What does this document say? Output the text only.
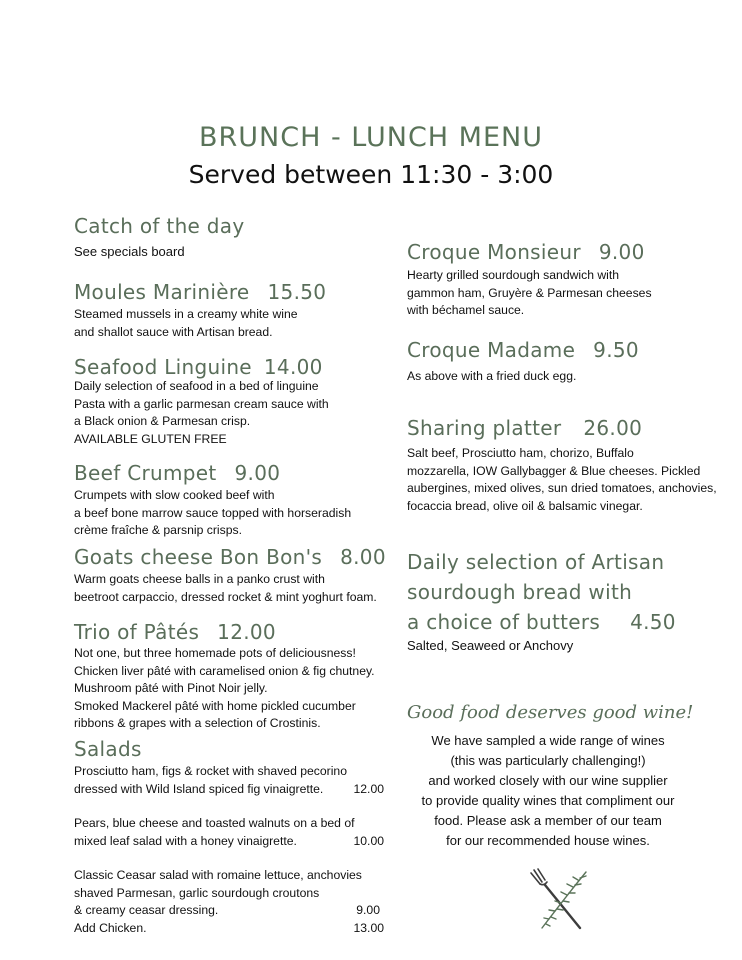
BRUNCH - LUNCH MENU
Served between 11:30 - 3:00
Catch of the day
See specials board
Moules Marinière 15.50
Steamed mussels in a creamy white wine
and shallot sauce with Artisan bread.
Seafood Linguine 14.00
Daily selection of seafood in a bed of linguine
Pasta with a garlic parmesan cream sauce with
a Black onion & Parmesan crisp.
AVAILABLE GLUTEN FREE
Beef Crumpet 9.00
Crumpets with slow cooked beef with
a beef bone marrow sauce topped with horseradish
crème fraîche & parsnip crisps.
Goats cheese Bon Bon's 8.00
Warm goats cheese balls in a panko crust with
beetroot carpaccio, dressed rocket & mint yoghurt foam.
Trio of Pâtés 12.00
Not one, but three homemade pots of deliciousness!
Chicken liver pâté with caramelised onion & fig chutney.
Mushroom pâté with Pinot Noir jelly.
Smoked Mackerel pâté with home pickled cucumber
ribbons & grapes with a selection of Crostinis.
Salads
Prosciutto ham, figs & rocket with shaved pecorino
dressed with Wild Island spiced fig vinaigrette. 12.00
Pears, blue cheese and toasted walnuts on a bed of
mixed leaf salad with a honey vinaigrette.	10.00
Classic Ceasar salad with romaine lettuce, anchovies
shaved Parmesan, garlic sourdough croutons
& creamy ceasar dressing.	9.00
Add Chicken.	13.00
Croque Monsieur 9.00
Hearty grilled sourdough sandwich with
gammon ham, Gruyère & Parmesan cheeses
with béchamel sauce.
Croque Madame 9.50
As above with a fried duck egg.
Sharing platter 26.00
Salt beef, Prosciutto ham, chorizo, Buffalo
mozzarella, IOW Gallybagger & Blue cheeses. Pickled
aubergines, mixed olives, sun dried tomatoes, anchovies,
focaccia bread, olive oil & balsamic vinegar.
Daily selection of Artisan
sourdough bread with
a choice of butters 4.50
Salted, Seaweed or Anchovy
Good food deserves good wine!
We have sampled a wide range of wines
(this was particularly challenging!)
and worked closely with our wine supplier
to provide quality wines that compliment our
food. Please ask a member of our team
for our recommended house wines.
